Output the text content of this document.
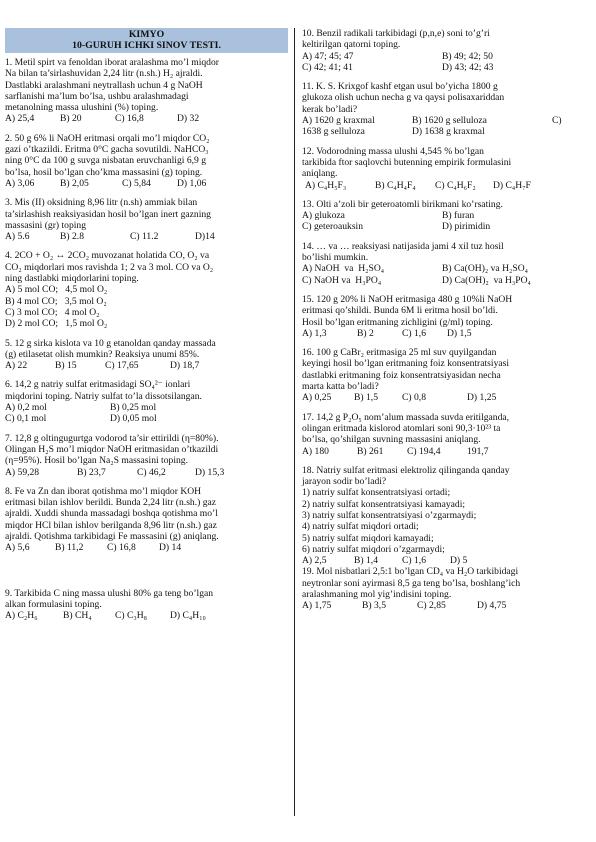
KIMYO
10-GURUH ICHKI SINOV TESTI.

1. Metil spirt va fenoldan iborat aralashma mo’l miqdor

Na bilan ta’sirlashuvidan 2,24 litr (n.sh.) H₂ ajraldi.

Dastlabki aralashmani neytrallash uchun 4 g NaOH

sarflanishi ma’lum bo’lsa, ushbu aralashmadagi

metanolning massa ulushini (%) toping.

A) 25,4	B) 20	C) 16,8	D) 32

2. 50 g 6% li NaOH eritmasi orqali mo’l miqdor CO₂

gazi o’tkazildi. Eritma 0°C gacha sovutildi. NaHCO₃

ning 0°C da 100 g suvga nisbatan eruvchanligi 6,9 g

bo’lsa, hosil bo’lgan cho’kma massasini (g) toping.

A) 3,06	B) 2,05	C) 5,84	D) 1,06

3. Mis (II) oksidning 8,96 litr (n.sh) ammiak bilan

ta’sirlashish reaksiyasidan hosil bo’lgan inert gazning

massasini (gr) toping

A) 5.6	B) 2.8	C) 11.2	D)14

4. 2CO + O₂ ↔ 2CO₂ muvozanat holatida CO, O₂ va

CO₂ miqdorlari mos ravishda 1; 2 va 3 mol. CO va O₂

ning dastlabki miqdorlarini toping.

A) 5 mol CO;   4,5 mol O₂

B) 4 mol CO;   3,5 mol O₂

C) 3 mol CO;   4 mol O₂

D) 2 mol CO;   1,5 mol O₂

5. 12 g sirka kislota va 10 g etanoldan qanday massada

(g) etilasetat olish mumkin? Reaksiya unumi 85%.

A) 22	B) 15	C) 17,65	D) 18,7

6. 14,2 g natriy sulfat eritmasidagi SO₄²⁻ ionlari

miqdorini toping. Natriy sulfat to’la dissotsilangan.

A) 0,2 mol	B) 0,25 mol

C) 0,1 mol	D) 0,05 mol

7. 12,8 g oltingugurtga vodorod ta’sir ettirildi (η=80%).

Olingan H₂S mo’l miqdor NaOH eritmasidan o’tkazildi

(η=95%). Hosil bo’lgan Na₂S massasini toping.

A) 59,28	B) 23,7	C) 46,2	D) 15,3

8. Fe va Zn dan iborat qotishma mo’l miqdor KOH

eritmasi bilan ishlov berildi. Bunda 2,24 litr (n.sh.) gaz

ajraldi. Xuddi shunda massadagi boshqa qotishma mo’l

miqdor HCl bilan ishlov berilganda 8,96 litr (n.sh.) gaz

ajraldi. Qotishma tarkibidagi Fe massasini (g) aniqlang.

A) 5,6	B) 11,2 C) 16,8 D) 14

9. Tarkibida C ning massa ulushi 80% ga teng bo’lgan

alkan formulasini toping.

A) C₂H₆	B) CH₄ C) C₃H₈ D) C₄H₁₀

10. Benzil radikali tarkibidagi (p,n,e) soni to’g’ri

keltirilgan qatorni toping.

A) 47; 45; 47	B) 49; 42; 50

C) 42; 41; 41	D) 43; 42; 43

11. K. S. Krixgof kashf etgan usul bo’yicha 1800 g

glukoza olish uchun necha g va qaysi polisaxariddan

kerak bo’ladi?

A) 1620 g kraxmal	B) 1620 g selluloza	C)

1638 g selluloza	D) 1638 g kraxmal

12. Vodorodning massa ulushi 4,545 % bo’lgan

tarkibida ftor saqlovchi butenning empirik formulasini

aniqlang.

A) C₄H₅F₃	B) C₄H₄F₄ C) C₄H₆F₂ D) C₄H₇F

13. Olti a’zoli bir geteroatomli birikmani ko’rsating.

A) glukoza	B) furan

C) geteroauksin	D) pirimidin

14. … va … reaksiyasi natijasida jami 4 xil tuz hosil

bo’lishi mumkin.

A) NaOH  va  H₂SO₄	B) Ca(OH)₂ va H₂SO₄

C) NaOH va  H₃PO₄	D) Ca(OH)₂  va H₃PO₄

15. 120 g 20% li NaOH eritmasiga 480 g 10%li NaOH

eritmasi qo’shildi. Bunda 6M li eritma hosil bo’ldi.

Hosil bo’lgan eritmaning zichligini (g/ml) toping.

A) 1,3	B) 2	C) 1,6 D) 1,5

16. 100 g CaBr₂ eritmasiga 25 ml suv quyilgandan

keyingi hosil bo’lgan eritmaning foiz konsentratsiyasi

dastlabki eritmaning foiz konsentratsiyasidan necha

marta katta bo’ladi?

A) 0,25 B) 1,5	C) 0,8	D) 1,25

17. 14,2 g P₂O₅ nom’alum massada suvda eritilganda,

olingan eritmada kislorod atomlari soni 90,3·10²³ ta

bo’lsa, qo’shilgan suvning massasini aniqlang.

A) 180	B) 261 C) 194,4	191,7

18. Natriy sulfat eritmasi elektroliz qilinganda qanday

jarayon sodir bo’ladi?

1) natriy sulfat konsentratsiyasi ortadi;

2) natriy sulfat konsentratsiyasi kamayadi;

3) natriy sulfat konsentratsiyasi o’zgarmaydi;

4) natriy sulfat miqdori ortadi;

5) natriy sulfat miqdori kamayadi;

6) natriy sulfat miqdori o’zgarmaydi;

A) 2,5	B) 1,4	C) 1,6	D) 5

19. Mol nisbatlari 2,5:1 bo’lgan CD₄ va H₂O tarkibidagi

neytronlar soni ayirmasi 8,5 ga teng bo’lsa, boshlang’ich

aralashmaning mol yig’indisini toping.

A) 1,75	B) 3,5	C) 2,85	D) 4,75
